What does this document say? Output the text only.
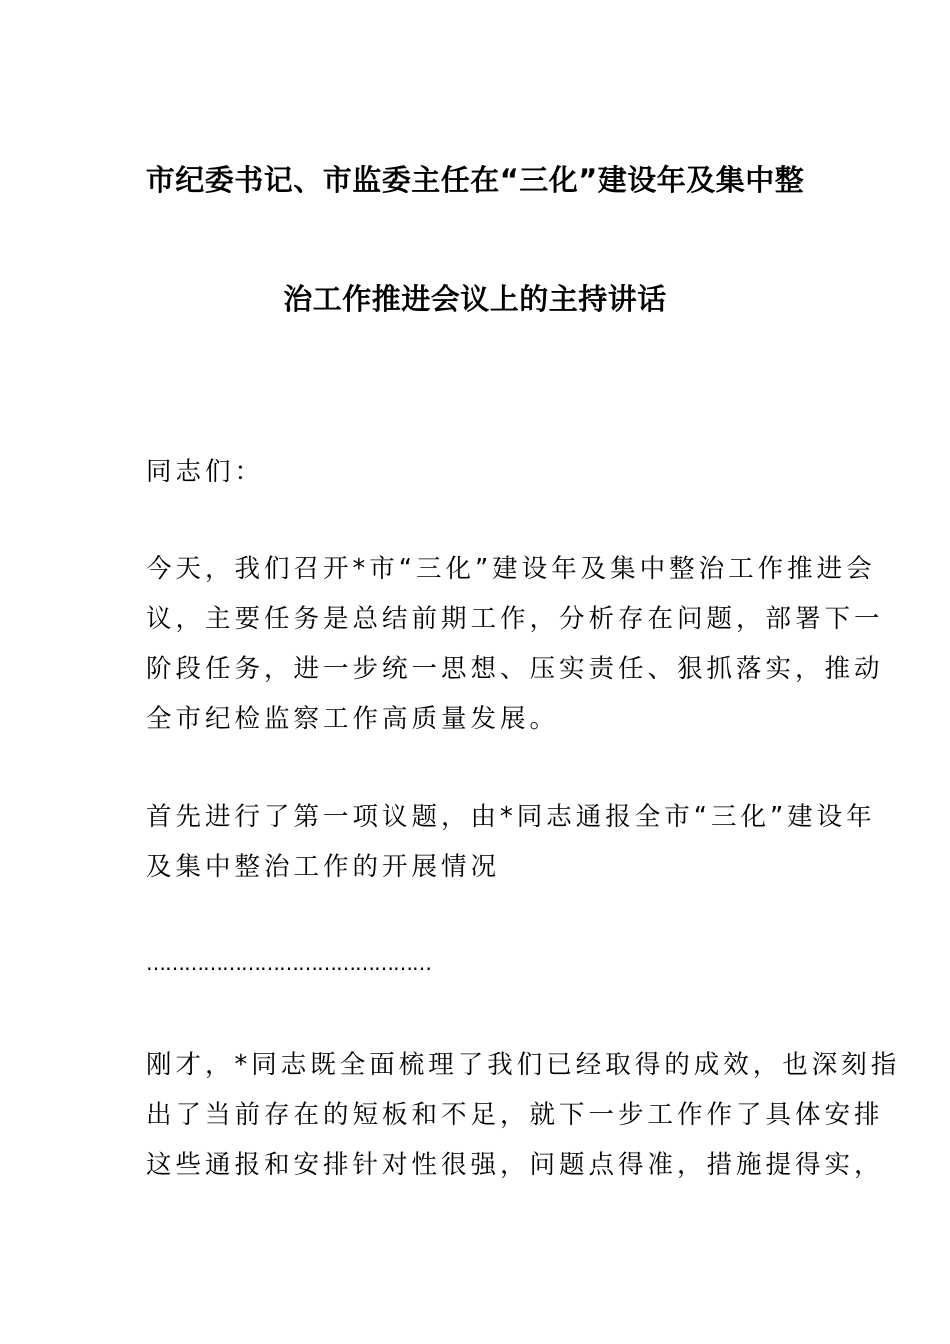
市纪委书记、市监委主任在“三化”建设年及集中整
治工作推进会议上的主持讲话
同志们：
今天，我们召开*市“三化”建设年及集中整治工作推进会
议，主要任务是总结前期工作，分析存在问题，部署下一
阶段任务，进一步统一思想、压实责任、狠抓落实，推动
全市纪检监察工作高质量发展。
首先进行了第一项议题，由*同志通报全市“三化”建设年
及集中整治工作的开展情况
………………………………………
刚才，*同志既全面梳理了我们已经取得的成效，也深刻指
出了当前存在的短板和不足，就下一步工作作了具体安排
这些通报和安排针对性很强，问题点得准，措施提得实，
